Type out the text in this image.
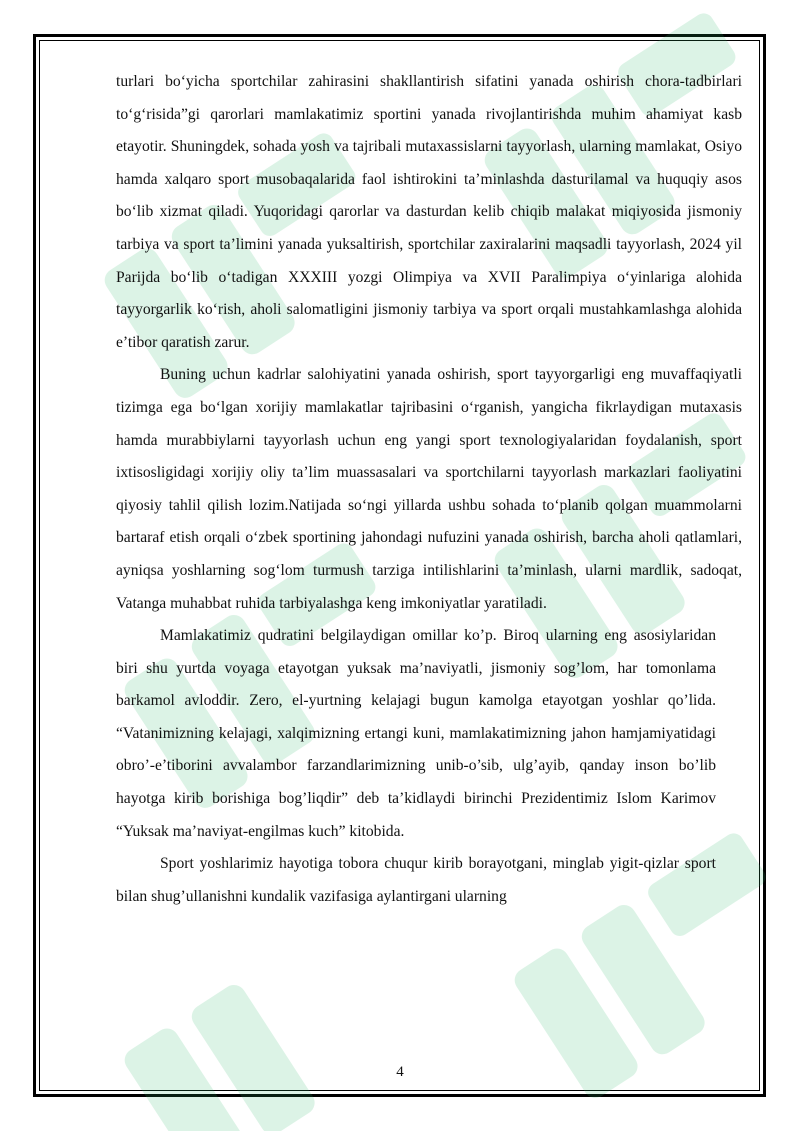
turlari bo‘yicha sportchilar zahirasini shakllantirish sifatini yanada oshirish chora-tadbirlari to‘g‘risida”gi qarorlari mamlakatimiz sportini yanada rivojlantirishda muhim ahamiyat kasb etayotir. Shuningdek, sohada yosh va tajribali mutaxassislarni tayyorlash, ularning mamlakat, Osiyo hamda xalqaro sport musobaqalarida faol ishtirokini ta’minlashda dasturilamal va huquqiy asos bo‘lib xizmat qiladi. Yuqoridagi qarorlar va dasturdan kelib chiqib malakat miqiyosida jismoniy tarbiya va sport ta’limini yanada yuksaltirish, sportchilar zaxiralarini maqsadli tayyorlash, 2024 yil Parijda bo‘lib o‘tadigan XXXIII yozgi Olimpiya va XVII Paralimpiya o‘yinlariga alohida tayyorgarlik ko‘rish, aholi salomatligini jismoniy tarbiya va sport orqali mustahkamlashga alohida e’tibor qaratish zarur.

Buning uchun kadrlar salohiyatini yanada oshirish, sport tayyorgarligi eng muvaffaqiyatli tizimga ega bo‘lgan xorijiy mamlakatlar tajribasini o‘rganish, yangicha fikrlaydigan mutaxasis hamda murabbiylarni tayyorlash uchun eng yangi sport texnologiyalaridan foydalanish, sport ixtisosligidagi xorijiy oliy ta’lim muassasalari va sportchilarni tayyorlash markazlari faoliyatini qiyosiy tahlil qilish lozim.Natijada so‘ngi yillarda ushbu sohada to‘planib qolgan muammolarni bartaraf etish orqali o‘zbek sportining jahondagi nufuzini yanada oshirish, barcha aholi qatlamlari, ayniqsa yoshlarning sog‘lom turmush tarziga intilishlarini ta’minlash, ularni mardlik, sadoqat, Vatanga muhabbat ruhida tarbiyalashga keng imkoniyatlar yaratiladi.

Mamlakatimiz qudratini belgilaydigan omillar ko’p. Biroq ularning eng asosiylaridan biri shu yurtda voyaga etayotgan yuksak ma’naviyatli, jismoniy sog’lom, har tomonlama barkamol avloddir. Zero, el-yurtning kelajagi bugun kamolga etayotgan yoshlar qo’lida. “Vatanimizning kelajagi, xalqimizning ertangi kuni, mamlakatimizning jahon hamjamiyatidagi obro’-e’tiborini avvalambor farzandlarimizning unib-o’sib, ulg’ayib, qanday inson bo’lib hayotga kirib borishiga bog’liqdir” deb ta’kidlaydi birinchi Prezidentimiz Islom Karimov “Yuksak ma’naviyat-engilmas kuch” kitobida.

Sport yoshlarimiz hayotiga tobora chuqur kirib borayotgani, minglab yigit-qizlar sport bilan shug’ullanishni kundalik vazifasiga aylantirgani ularning

4
